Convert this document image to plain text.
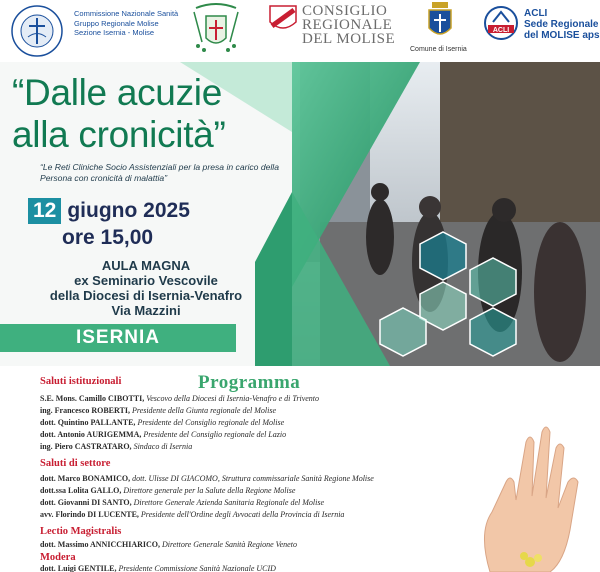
Commissione Nazionale Sanità
Gruppo Regionale Molise
Sezione Isernia - Molise
CONSIGLIO
REGIONALE
DEL MOLISE
Comune di Isernia
ACLI
ACLI
Sede Regionale
del MOLISE aps
“Dalle acuzie
alla cronicità”
“Le Reti Cliniche Socio Assistenziali per la presa in carico della Persona con cronicità di malattia”
12 giugno 2025
ore 15,00
AULA MAGNA
ex Seminario Vescovile
della Diocesi di Isernia-Venafro
Via Mazzini
ISERNIA
Programma
Saluti istituzionali
S.E. Mons. Camillo CIBOTTI, Vescovo della Diocesi di Isernia-Venafro e di Trivento
ing. Francesco ROBERTI, Presidente della Giunta regionale del Molise
dott. Quintino PALLANTE, Presidente del Consiglio regionale del Molise
dott. Antonio AURIGEMMA, Presidente del Consiglio regionale del Lazio
ing. Piero CASTRATARO, Sindaco di Isernia
Saluti di settore
dott. Marco BONAMICO, dott. Ulisse DI GIACOMO, Struttura commissariale Sanità Regione Molise
dott.ssa Lolita GALLO, Direttore generale per la Salute della Regione Molise
dott. Giovanni DI SANTO, Direttore Generale Azienda Sanitaria Regionale del Molise
avv. Florindo DI LUCENTE, Presidente dell'Ordine degli Avvocati della Provincia di Isernia
Lectio Magistralis
dott. Massimo ANNICCHIARICO, Direttore Generale Sanità Regione Veneto
Modera
dott. Luigi GENTILE, Presidente Commissione Sanità Nazionale UCID
